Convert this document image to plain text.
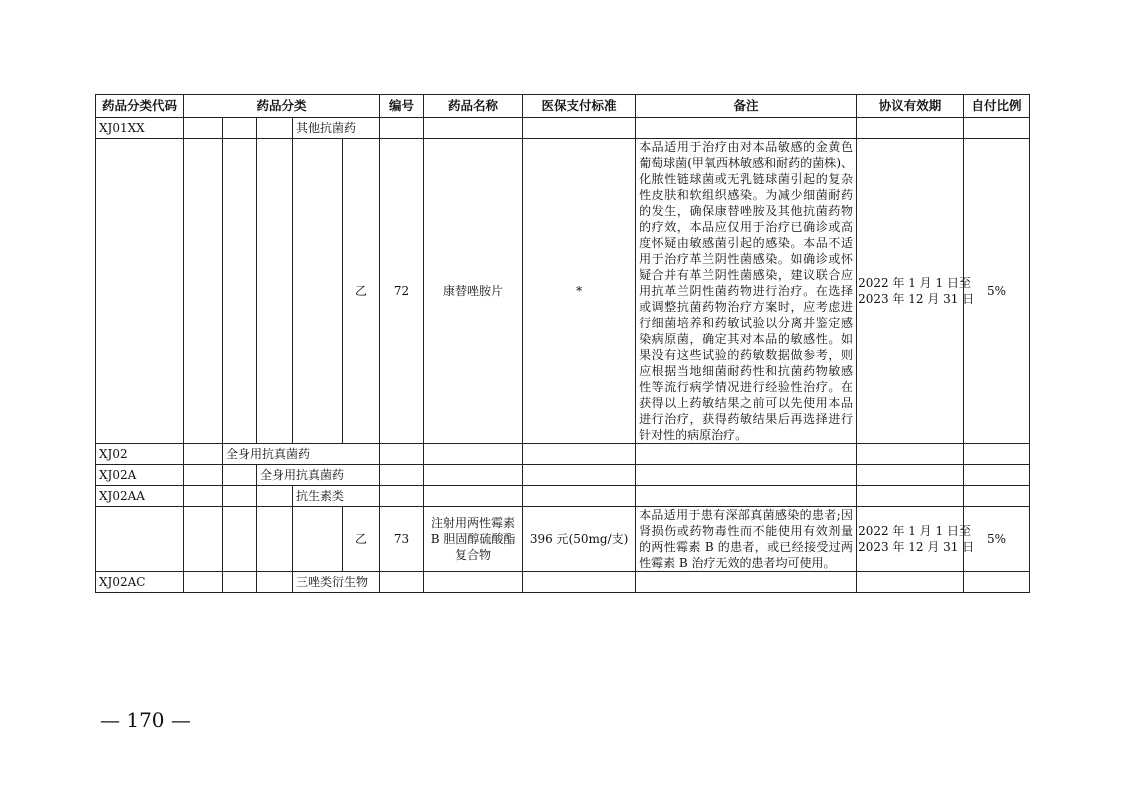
药品分类代码	药品分类					编号	药品名称	医保支付标准	备注	协议有效期	自付比例
XJ01XX				其他抗菌药							
					乙	72	康替唑胺片	*	本品适用于治疗由对本品敏感的金黄色葡萄球菌(甲氧西林敏感和耐药的菌株)、化脓性链球菌或无乳链球菌引起的复杂性皮肤和软组织感染。为减少细菌耐药的发生，确保康替唑胺及其他抗菌药物的疗效，本品应仅用于治疗已确诊或高度怀疑由敏感菌引起的感染。本品不适用于治疗革兰阴性菌感染。如确诊或怀疑合并有革兰阴性菌感染，建议联合应用抗革兰阴性菌药物进行治疗。在选择或调整抗菌药物治疗方案时，应考虑进行细菌培养和药敏试验以分离并鉴定感染病原菌，确定其对本品的敏感性。如果没有这些试验的药敏数据做参考，则应根据当地细菌耐药性和抗菌药物敏感性等流行病学情况进行经验性治疗。在获得以上药敏结果之前可以先使用本品进行治疗，获得药敏结果后再选择进行针对性的病原治疗。	2022 年 1 月 1 日至
2023 年 12 月 31 日	5%
XJ02		全身用抗真菌药									
XJ02A			全身用抗真菌药								
XJ02AA				抗生素类							
					乙	73	注射用两性霉素 B 胆固醇硫酸酯复合物	396 元(50mg/支)	本品适用于患有深部真菌感染的患者;因肾损伤或药物毒性而不能使用有效剂量的两性霉素 B 的患者，或已经接受过两性霉素 B 治疗无效的患者均可使用。	2022 年 1 月 1 日至
2023 年 12 月 31 日	5%
XJ02AC				三唑类衍生物							
— 170 —
